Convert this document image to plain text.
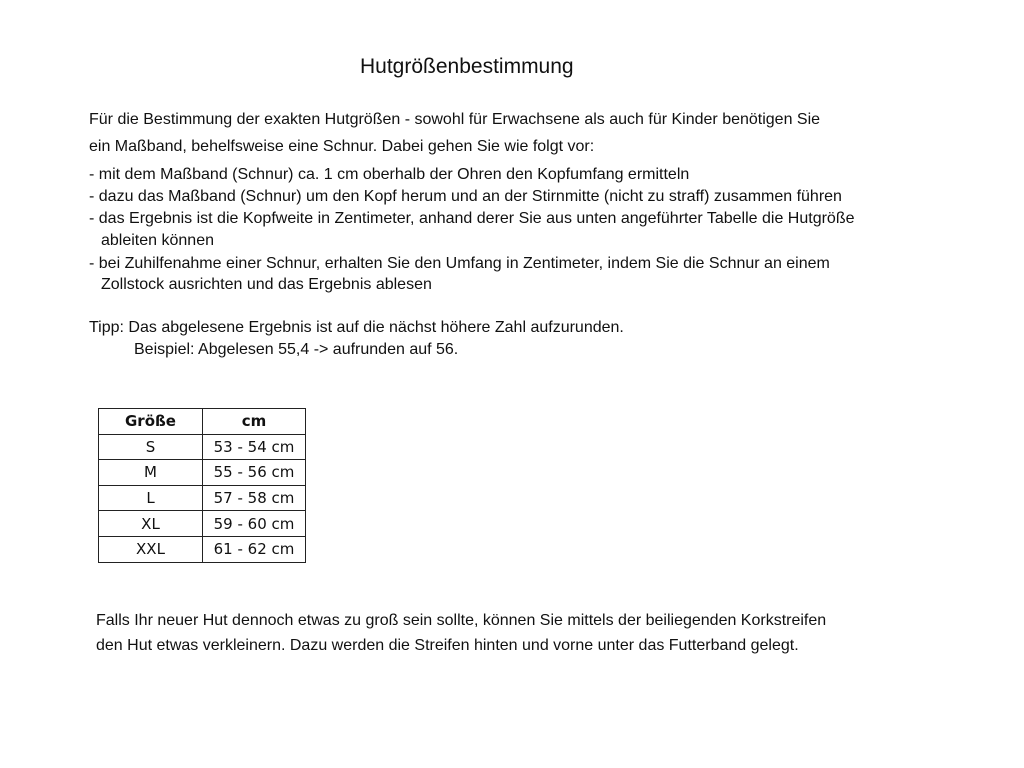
Hutgrößenbestimmung

Für die Bestimmung der exakten Hutgrößen - sowohl für Erwachsene als auch für Kinder benötigen Sie

ein Maßband, behelfsweise eine Schnur. Dabei gehen Sie wie folgt vor:

- mit dem Maßband (Schnur) ca. 1 cm oberhalb der Ohren den Kopfumfang ermitteln

- dazu das Maßband (Schnur) um den Kopf herum und an der Stirnmitte (nicht zu straff) zusammen führen

- das Ergebnis ist die Kopfweite in Zentimeter, anhand derer Sie aus unten angeführter Tabelle die Hutgröße

ableiten können

- bei Zuhilfenahme einer Schnur, erhalten Sie den Umfang in Zentimeter, indem Sie die Schnur an einem

Zollstock ausrichten und das Ergebnis ablesen

Tipp: Das abgelesene Ergebnis ist auf die nächst höhere Zahl aufzurunden.

Beispiel: Abgelesen 55,4 -> aufrunden auf 56.

Größe	cm
S	53 - 54 cm
M	55 - 56 cm
L	57 - 58 cm
XL	59 - 60 cm
XXL	61 - 62 cm

Falls Ihr neuer Hut dennoch etwas zu groß sein sollte, können Sie mittels der beiliegenden Korkstreifen

den Hut etwas verkleinern. Dazu werden die Streifen hinten und vorne unter das Futterband gelegt.
